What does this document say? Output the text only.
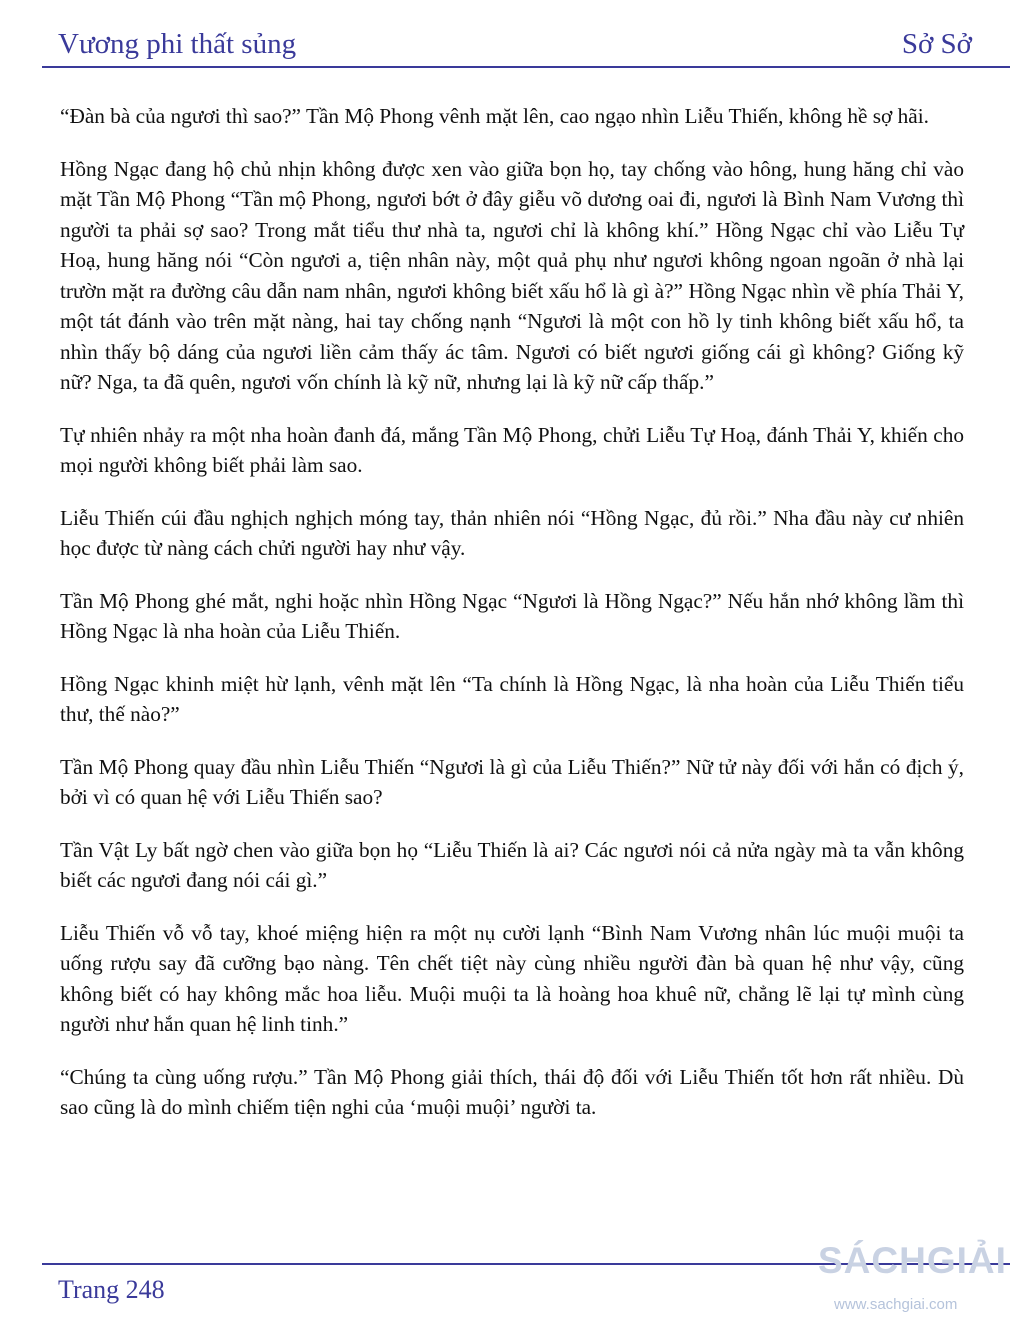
Vương phi thất sủng	Sở Sở

“Đàn bà của ngươi thì sao?” Tần Mộ Phong vênh mặt lên, cao ngạo nhìn Liễu Thiến, không hề sợ hãi.

Hồng Ngạc đang hộ chủ nhịn không được xen vào giữa bọn họ, tay chống vào hông, hung hăng chỉ vào mặt Tần Mộ Phong “Tần mộ Phong, ngươi bớt ở đây giễu võ dương oai đi, ngươi là Bình Nam Vương thì người ta phải sợ sao? Trong mắt tiểu thư nhà ta, ngươi chỉ là không khí.” Hồng Ngạc chỉ vào Liễu Tự Hoạ, hung hăng nói “Còn ngươi a, tiện nhân này, một quả phụ như ngươi không ngoan ngoãn ở nhà lại trườn mặt ra đường câu dẫn nam nhân, ngươi không biết xấu hổ là gì à?” Hồng Ngạc nhìn về phía Thải Y, một tát đánh vào trên mặt nàng, hai tay chống nạnh “Ngươi là một con hồ ly tinh không biết xấu hổ, ta nhìn thấy bộ dáng của ngươi liền cảm thấy ác tâm. Ngươi có biết ngươi giống cái gì không? Giống kỹ nữ? Nga, ta đã quên, ngươi vốn chính là kỹ nữ, nhưng lại là kỹ nữ cấp thấp.”

Tự nhiên nhảy ra một nha hoàn đanh đá, mắng Tần Mộ Phong, chửi Liễu Tự Hoạ, đánh Thải Y, khiến cho mọi người không biết phải làm sao.

Liễu Thiến cúi đầu nghịch nghịch móng tay, thản nhiên nói “Hồng Ngạc, đủ rồi.” Nha đầu này cư nhiên học được từ nàng cách chửi người hay như vậy.

Tần Mộ Phong ghé mắt, nghi hoặc nhìn Hồng Ngạc “Ngươi là Hồng Ngạc?” Nếu hắn nhớ không lầm thì Hồng Ngạc là nha hoàn của Liễu Thiến.

Hồng Ngạc khinh miệt hừ lạnh, vênh mặt lên “Ta chính là Hồng Ngạc, là nha hoàn của Liễu Thiến tiểu thư, thế nào?”

Tần Mộ Phong quay đầu nhìn Liễu Thiến “Ngươi là gì của Liễu Thiến?” Nữ tử này đối với hắn có địch ý, bởi vì có quan hệ với Liễu Thiến sao?

Tần Vật Ly bất ngờ chen vào giữa bọn họ “Liễu Thiến là ai? Các ngươi nói cả nửa ngày mà ta vẫn không biết các ngươi đang nói cái gì.”

Liễu Thiến vỗ vỗ tay, khoé miệng hiện ra một nụ cười lạnh “Bình Nam Vương nhân lúc muội muội ta uống rượu say đã cưỡng bạo nàng. Tên chết tiệt này cùng nhiều người đàn bà quan hệ như vậy, cũng không biết có hay không mắc hoa liễu. Muội muội ta là hoàng hoa khuê nữ, chẳng lẽ lại tự mình cùng người như hắn quan hệ linh tinh.”

“Chúng ta cùng uống rượu.” Tần Mộ Phong giải thích, thái độ đối với Liễu Thiến tốt hơn rất nhiều. Dù sao cũng là do mình chiếm tiện nghi của ‘muội muội’ người ta.

Trang 248
SÁCHGIẢI
www.sachgiai.com
